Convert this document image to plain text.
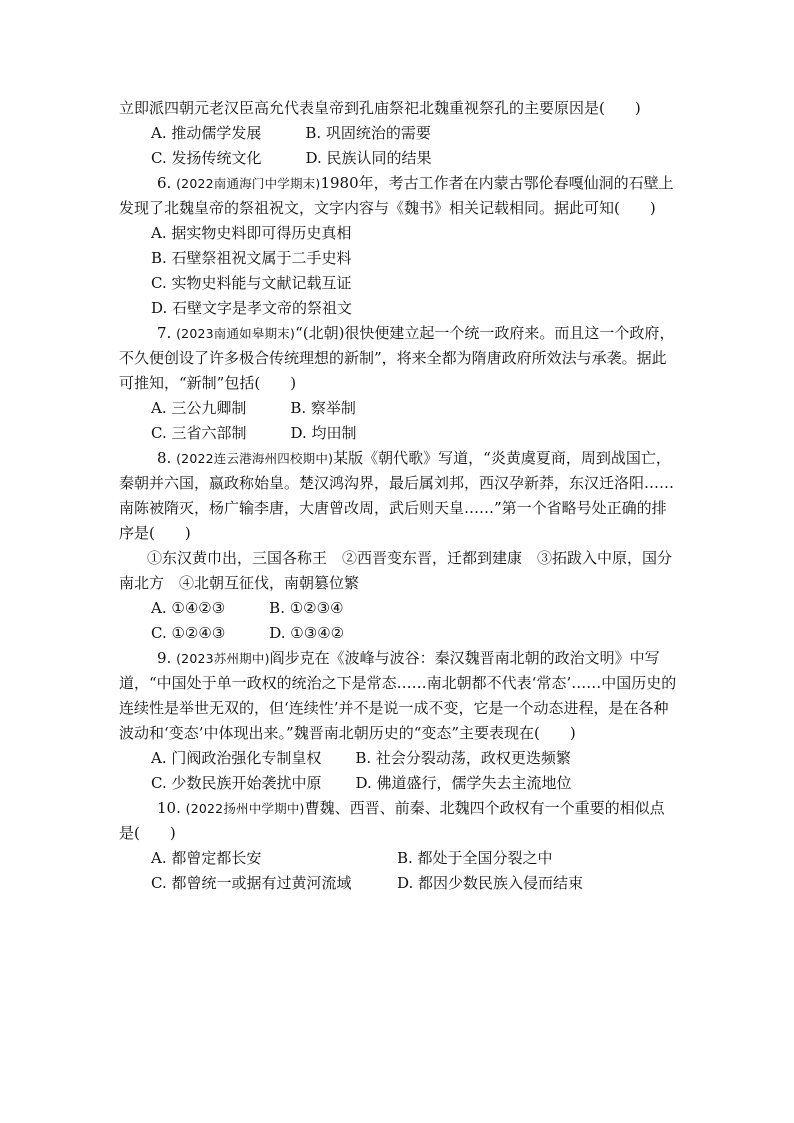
立即派四朝元老汉臣高允代表皇帝到孔庙祭祀北魏重视祭孔的主要原因是(　　)

A. 推动儒学发展	B. 巩固统治的需要
C. 发扬传统文化	D. 民族认同的结果

6. (2022南通海门中学期末)1980年，考古工作者在内蒙古鄂伦春嘎仙洞的石壁上发现了北魏皇帝的祭祖祝文，文字内容与《魏书》相关记载相同。据此可知(　　)

A. 据实物史料即可得历史真相
B. 石壁祭祖祝文属于二手史料
C. 实物史料能与文献记载互证
D. 石壁文字是孝文帝的祭祖文

7. (2023南通如皋期末)“(北朝)很快便建立起一个统一政府来。而且这一个政府，不久便创设了许多极合传统理想的新制”，将来全都为隋唐政府所效法与承袭。据此可推知，“新制”包括(　　)

A. 三公九卿制	B. 察举制
C. 三省六部制	D. 均田制

8. (2022连云港海州四校期中)某版《朝代歌》写道，“炎黄虞夏商，周到战国亡，秦朝并六国，嬴政称始皇。楚汉鸿沟界，最后属刘邦，西汉孕新莽，东汉迁洛阳……南陈被隋灭，杨广输李唐，大唐曾改周，武后则天皇……”第一个省略号处正确的排序是(　　)

①东汉黄巾出，三国各称王　②西晋变东晋，迁都到建康　③拓跋入中原，国分南北方　④北朝互征伐，南朝篡位繁

A. ①④②③	B. ①②③④
C. ①②④③	D. ①③④②

9. (2023苏州期中)阎步克在《波峰与波谷：秦汉魏晋南北朝的政治文明》中写道，“中国处于单一政权的统治之下是常态……南北朝都不代表‘常态’……中国历史的连续性是举世无双的，但‘连续性’并不是说一成不变，它是一个动态进程，是在各种波动和‘变态’中体现出来。”魏晋南北朝历史的“变态”主要表现在(　　)

A. 门阀政治强化专制皇权 B. 社会分裂动荡，政权更迭频繁
C. 少数民族开始袭扰中原 D. 佛道盛行，儒学失去主流地位

10. (2022扬州中学期中)曹魏、西晋、前秦、北魏四个政权有一个重要的相似点是(　　)

A. 都曾定都长安	B. 都处于全国分裂之中
C. 都曾统一或据有过黄河流域	D. 都因少数民族入侵而结束
